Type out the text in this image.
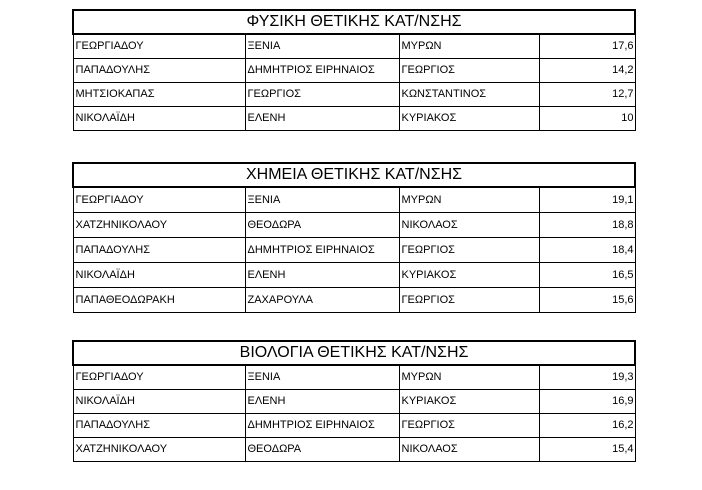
ΦΥΣΙΚΗ ΘΕΤΙΚΗΣ ΚΑΤ/ΝΣΗΣ			
ΓΕΩΡΓΙΑΔΟΥ	ΞΕΝΙΑ	ΜΥΡΩΝ	17,6
ΠΑΠΑΔΟΥΛΗΣ	ΔΗΜΗΤΡΙΟΣ ΕΙΡΗΝΑΙΟΣ	ΓΕΩΡΓΙΟΣ	14,2
ΜΗΤΣΙΟΚΑΠΑΣ	ΓΕΩΡΓΙΟΣ	ΚΩΝΣΤΑΝΤΙΝΟΣ	12,7
ΝΙΚΟΛΑΪΔΗ	ΕΛΕΝΗ	ΚΥΡΙΑΚΟΣ	10
ΧΗΜΕΙΑ ΘΕΤΙΚΗΣ ΚΑΤ/ΝΣΗΣ			
ΓΕΩΡΓΙΑΔΟΥ	ΞΕΝΙΑ	ΜΥΡΩΝ	19,1
ΧΑΤΖΗΝΙΚΟΛΑΟΥ	ΘΕΟΔΩΡΑ	ΝΙΚΟΛΑΟΣ	18,8
ΠΑΠΑΔΟΥΛΗΣ	ΔΗΜΗΤΡΙΟΣ ΕΙΡΗΝΑΙΟΣ	ΓΕΩΡΓΙΟΣ	18,4
ΝΙΚΟΛΑΪΔΗ	ΕΛΕΝΗ	ΚΥΡΙΑΚΟΣ	16,5
ΠΑΠΑΘΕΟΔΩΡΑΚΗ	ΖΑΧΑΡΟΥΛΑ	ΓΕΩΡΓΙΟΣ	15,6
ΒΙΟΛΟΓΙΑ ΘΕΤΙΚΗΣ ΚΑΤ/ΝΣΗΣ			
ΓΕΩΡΓΙΑΔΟΥ	ΞΕΝΙΑ	ΜΥΡΩΝ	19,3
ΝΙΚΟΛΑΪΔΗ	ΕΛΕΝΗ	ΚΥΡΙΑΚΟΣ	16,9
ΠΑΠΑΔΟΥΛΗΣ	ΔΗΜΗΤΡΙΟΣ ΕΙΡΗΝΑΙΟΣ	ΓΕΩΡΓΙΟΣ	16,2
ΧΑΤΖΗΝΙΚΟΛΑΟΥ	ΘΕΟΔΩΡΑ	ΝΙΚΟΛΑΟΣ	15,4
